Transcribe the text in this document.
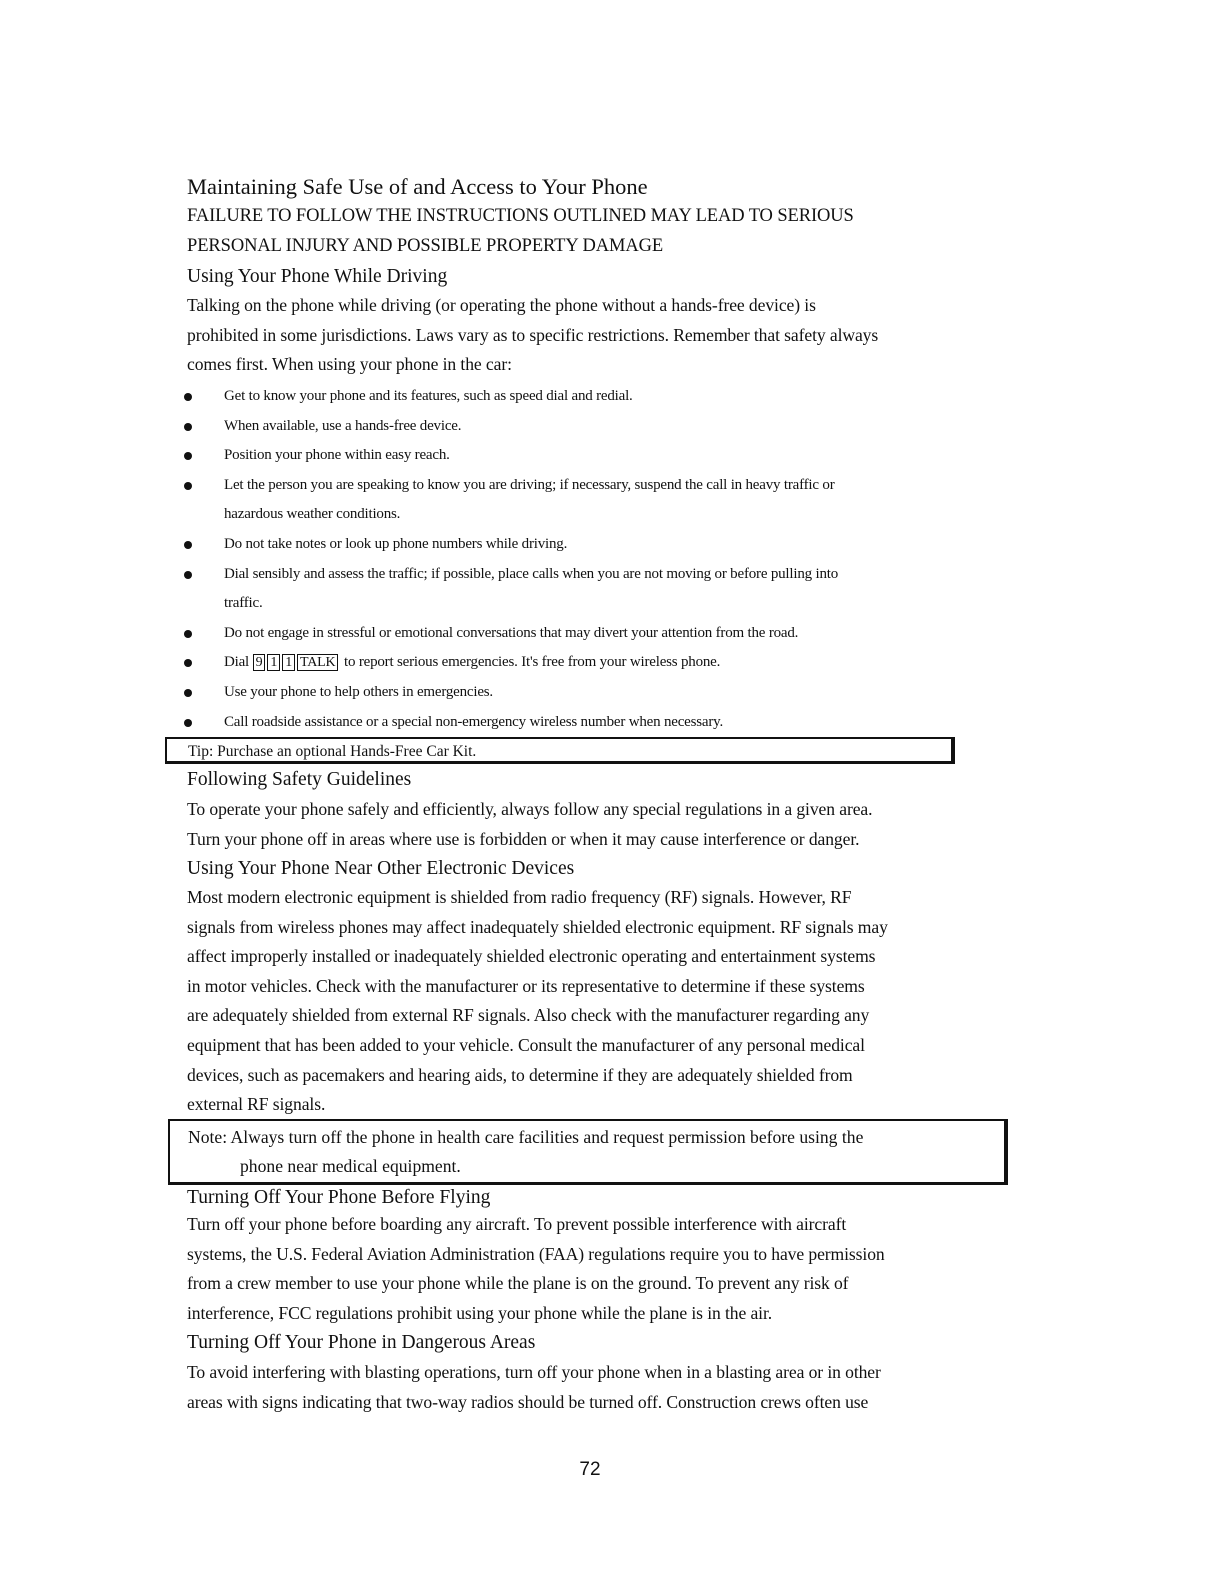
Maintaining Safe Use of and Access to Your Phone
FAILURE TO FOLLOW THE INSTRUCTIONS OUTLINED MAY LEAD TO SERIOUS
PERSONAL INJURY AND POSSIBLE PROPERTY DAMAGE
Using Your Phone While Driving
Talking on the phone while driving (or operating the phone without a hands-free device) is
prohibited in some jurisdictions. Laws vary as to specific restrictions. Remember that safety always
comes first. When using your phone in the car:
Get to know your phone and its features, such as speed dial and redial.
When available, use a hands-free device.
Position your phone within easy reach.
Let the person you are speaking to know you are driving; if necessary, suspend the call in heavy traffic or
hazardous weather conditions.
Do not take notes or look up phone numbers while driving.
Dial sensibly and assess the traffic; if possible, place calls when you are not moving or before pulling into
traffic.
Do not engage in stressful or emotional conversations that may divert your attention from the road.
Dial 9 1 1 TALK to report serious emergencies. It's free from your wireless phone.
Use your phone to help others in emergencies.
Call roadside assistance or a special non-emergency wireless number when necessary.
Tip: Purchase an optional Hands-Free Car Kit.
Following Safety Guidelines
To operate your phone safely and efficiently, always follow any special regulations in a given area.
Turn your phone off in areas where use is forbidden or when it may cause interference or danger.
Using Your Phone Near Other Electronic Devices
Most modern electronic equipment is shielded from radio frequency (RF) signals. However, RF
signals from wireless phones may affect inadequately shielded electronic equipment. RF signals may
affect improperly installed or inadequately shielded electronic operating and entertainment systems
in motor vehicles. Check with the manufacturer or its representative to determine if these systems
are adequately shielded from external RF signals. Also check with the manufacturer regarding any
equipment that has been added to your vehicle. Consult the manufacturer of any personal medical
devices, such as pacemakers and hearing aids, to determine if they are adequately shielded from
external RF signals.
Note: Always turn off the phone in health care facilities and request permission before using the
phone near medical equipment.
Turning Off Your Phone Before Flying
Turn off your phone before boarding any aircraft. To prevent possible interference with aircraft
systems, the U.S. Federal Aviation Administration (FAA) regulations require you to have permission
from a crew member to use your phone while the plane is on the ground. To prevent any risk of
interference, FCC regulations prohibit using your phone while the plane is in the air.
Turning Off Your Phone in Dangerous Areas
To avoid interfering with blasting operations, turn off your phone when in a blasting area or in other
areas with signs indicating that two-way radios should be turned off. Construction crews often use
72
